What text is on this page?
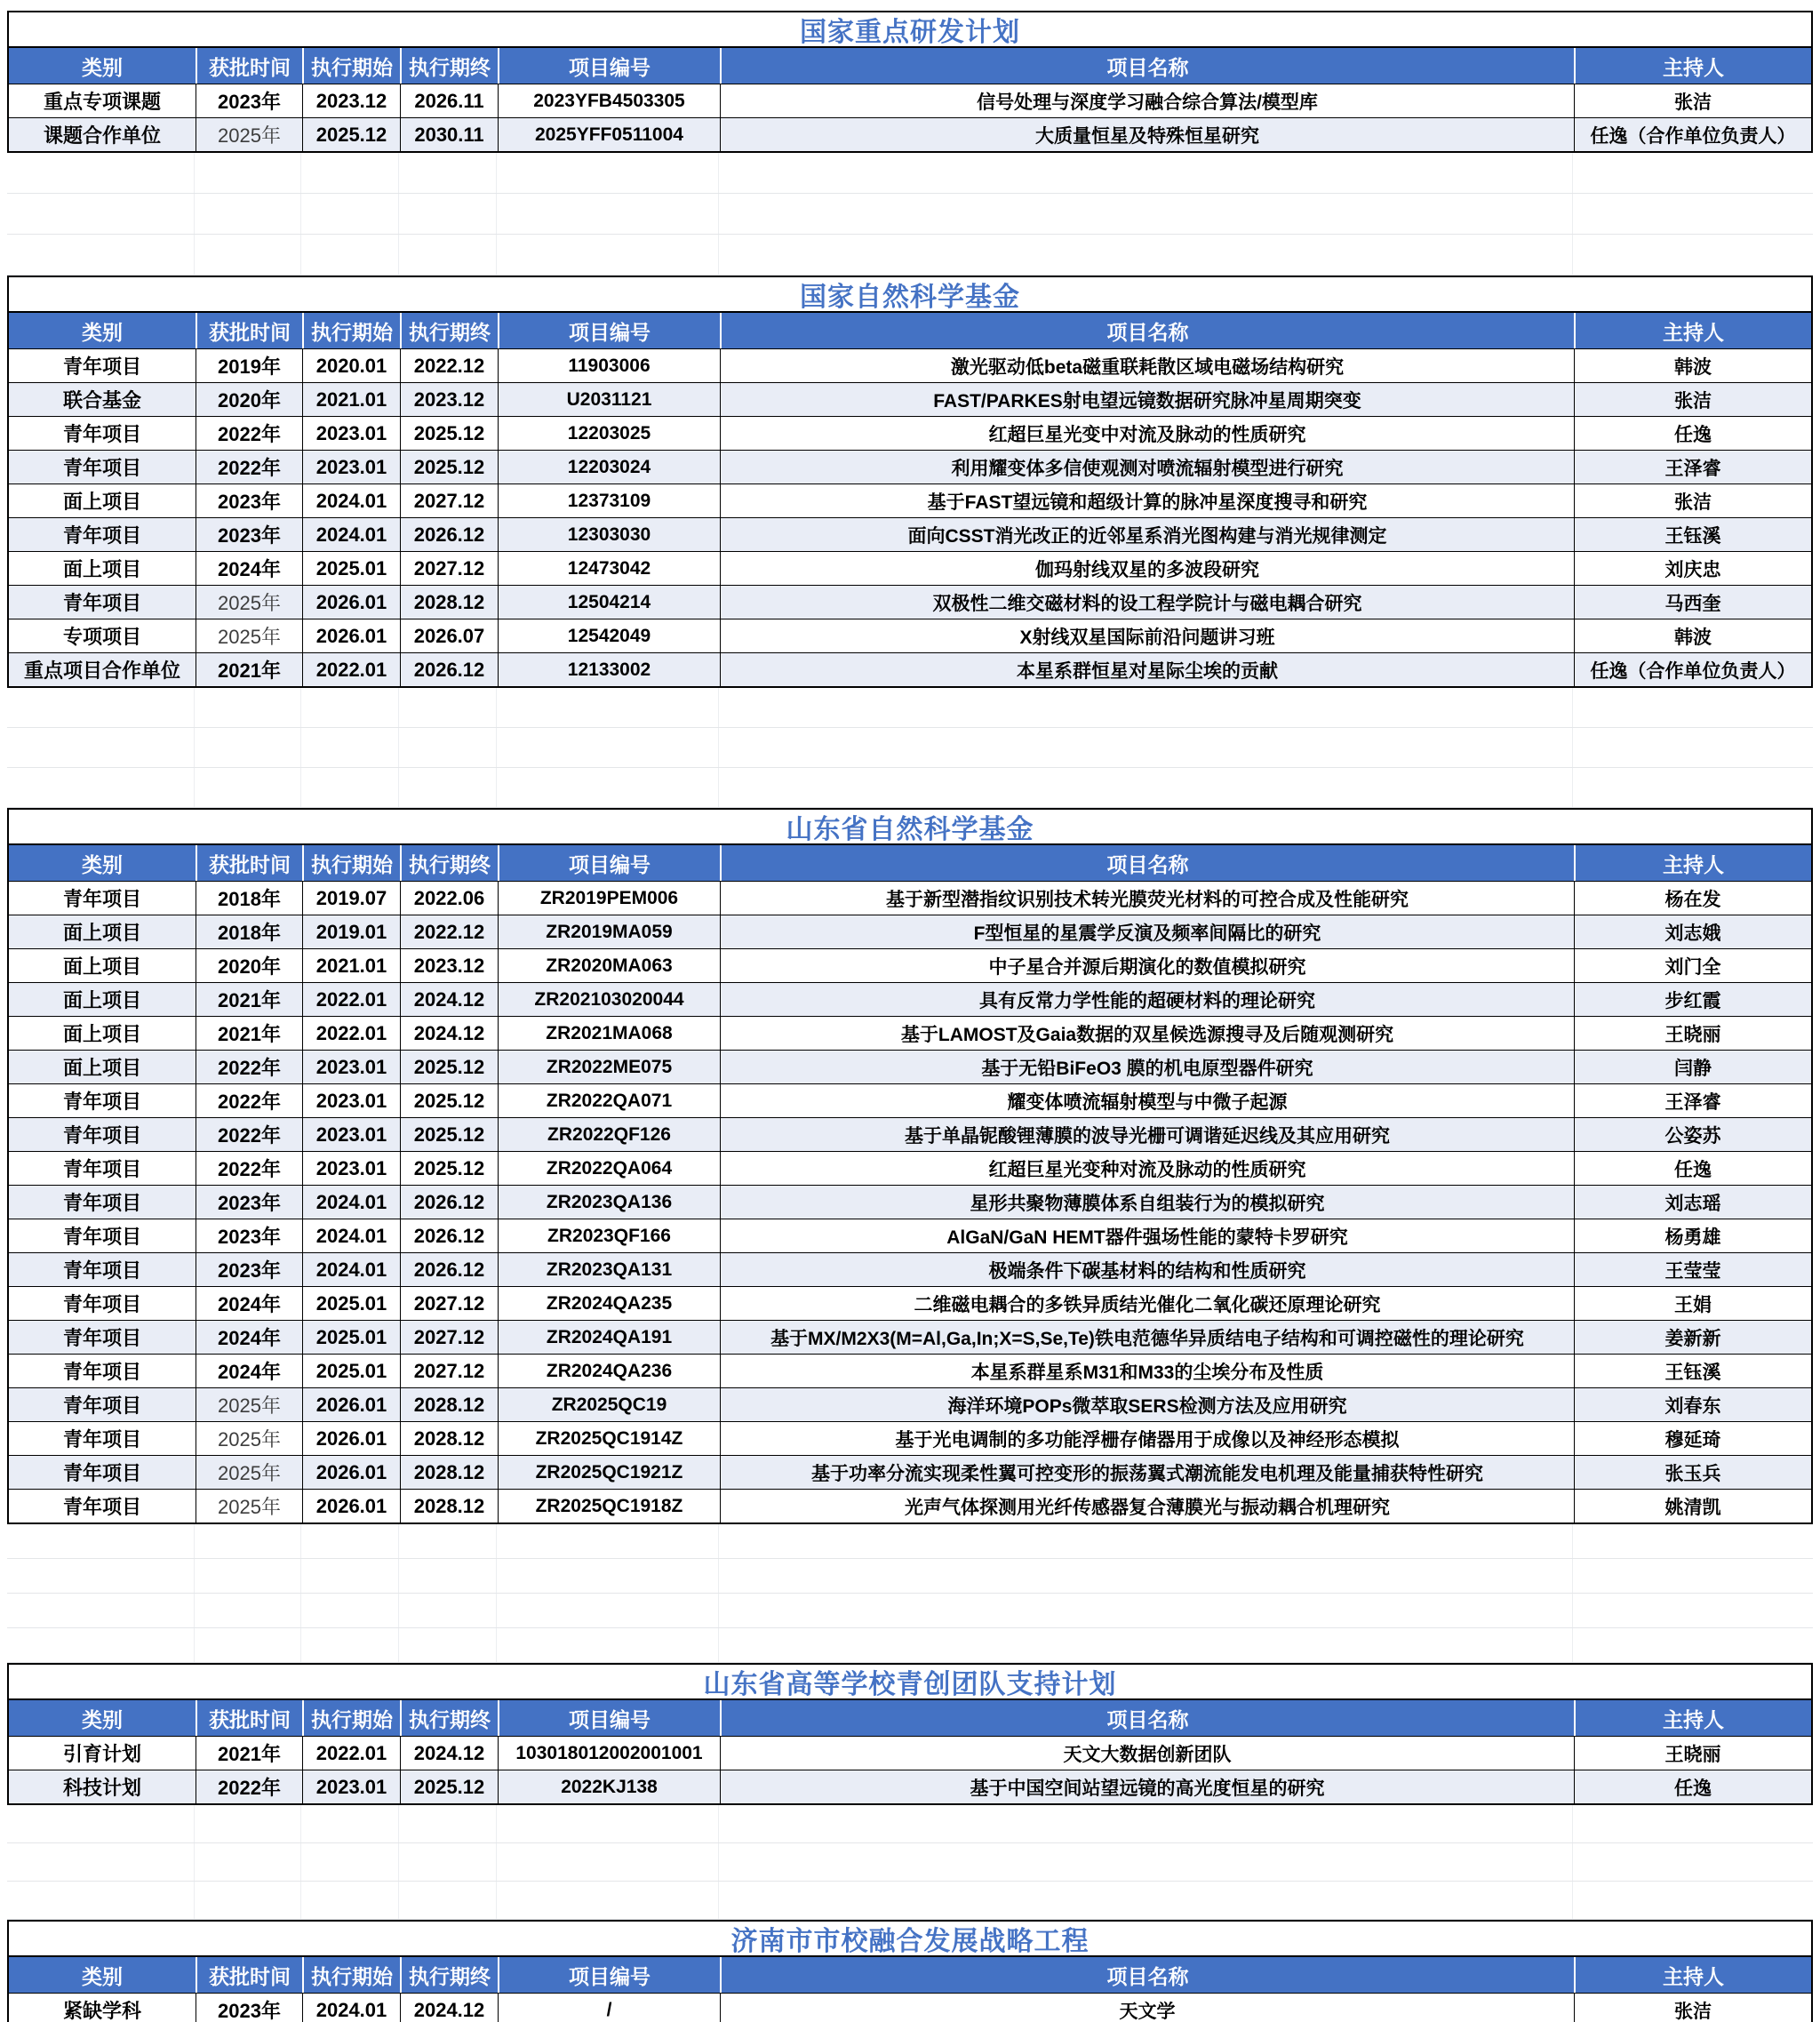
国家重点研发计划
类别	获批时间	执行期始 执行期终	项目编号	项目名称	主持人
重点专项课题	2023年	2023.12	2026.11	2023YFB4503305	信号处理与深度学习融合综合算法/模型库	张洁
课题合作单位	2025年	2025.12	2030.11	2025YFF0511004	大质量恒星及特殊恒星研究	任逸（合作单位负责人）
国家自然科学基金
类别	获批时间	执行期始 执行期终	项目编号	项目名称	主持人
青年项目	2019年	2020.01	2022.12	11903006	激光驱动低beta磁重联耗散区域电磁场结构研究	韩波
联合基金	2020年	2021.01	2023.12	U2031121	FAST/PARKES射电望远镜数据研究脉冲星周期突变	张洁
青年项目	2022年	2023.01	2025.12	12203025	红超巨星光变中对流及脉动的性质研究	任逸
青年项目	2022年	2023.01	2025.12	12203024	利用耀变体多信使观测对喷流辐射模型进行研究	王泽睿
面上项目	2023年	2024.01	2027.12	12373109	基于FAST望远镜和超级计算的脉冲星深度搜寻和研究	张洁
青年项目	2023年	2024.01	2026.12	12303030	面向CSST消光改正的近邻星系消光图构建与消光规律测定	王钰溪
面上项目	2024年	2025.01	2027.12	12473042	伽玛射线双星的多波段研究	刘庆忠
青年项目	2025年	2026.01	2028.12	12504214	双极性二维交磁材料的设工程学院计与磁电耦合研究	马西奎
专项项目	2025年	2026.01	2026.07	12542049	X射线双星国际前沿问题讲习班	韩波
重点项目合作单位	2021年	2022.01	2026.12	12133002	本星系群恒星对星际尘埃的贡献	任逸（合作单位负责人）
山东省自然科学基金
类别	获批时间	执行期始 执行期终	项目编号	项目名称	主持人
青年项目	2018年	2019.07	2022.06	ZR2019PEM006	基于新型潜指纹识别技术转光膜荧光材料的可控合成及性能研究	杨在发
面上项目	2018年	2019.01	2022.12	ZR2019MA059	F型恒星的星震学反演及频率间隔比的研究	刘志娥
面上项目	2020年	2021.01	2023.12	ZR2020MA063	中子星合并源后期演化的数值模拟研究	刘门全
面上项目	2021年	2022.01	2024.12	ZR202103020044	具有反常力学性能的超硬材料的理论研究	步红霞
面上项目	2021年	2022.01	2024.12	ZR2021MA068	基于LAMOST及Gaia数据的双星候选源搜寻及后随观测研究	王晓丽
面上项目	2022年	2023.01	2025.12	ZR2022ME075	基于无铅BiFeO3 膜的机电原型器件研究	闫静
青年项目	2022年	2023.01	2025.12	ZR2022QA071	耀变体喷流辐射模型与中微子起源	王泽睿
青年项目	2022年	2023.01	2025.12	ZR2022QF126	基于单晶铌酸锂薄膜的波导光栅可调谐延迟线及其应用研究	公姿苏
青年项目	2022年	2023.01	2025.12	ZR2022QA064	红超巨星光变种对流及脉动的性质研究	任逸
青年项目	2023年	2024.01	2026.12	ZR2023QA136	星形共聚物薄膜体系自组装行为的模拟研究	刘志瑶
青年项目	2023年	2024.01	2026.12	ZR2023QF166	AlGaN/GaN HEMT器件强场性能的蒙特卡罗研究	杨勇雄
青年项目	2023年	2024.01	2026.12	ZR2023QA131	极端条件下碳基材料的结构和性质研究	王莹莹
青年项目	2024年	2025.01	2027.12	ZR2024QA235	二维磁电耦合的多铁异质结光催化二氧化碳还原理论研究	王娟
青年项目	2024年	2025.01	2027.12	ZR2024QA191	基于MX/M2X3(M=Al,Ga,In;X=S,Se,Te)铁电范德华异质结电子结构和可调控磁性的理论研究	姜新新
青年项目	2024年	2025.01	2027.12	ZR2024QA236	本星系群星系M31和M33的尘埃分布及性质	王钰溪
青年项目	2025年	2026.01	2028.12	ZR2025QC19	海洋环境POPs微萃取SERS检测方法及应用研究	刘春东
青年项目	2025年	2026.01	2028.12	ZR2025QC1914Z	基于光电调制的多功能浮栅存储器用于成像以及神经形态模拟	穆延琦
青年项目	2025年	2026.01	2028.12	ZR2025QC1921Z	基于功率分流实现柔性翼可控变形的振荡翼式潮流能发电机理及能量捕获特性研究	张玉兵
青年项目	2025年	2026.01	2028.12	ZR2025QC1918Z	光声气体探测用光纤传感器复合薄膜光与振动耦合机理研究	姚清凯
山东省高等学校青创团队支持计划
类别	获批时间	执行期始 执行期终	项目编号	项目名称	主持人
引育计划	2021年	2022.01	2024.12	103018012002001001	天文大数据创新团队	王晓丽
科技计划	2022年	2023.01	2025.12	2022KJ138	基于中国空间站望远镜的高光度恒星的研究	任逸
济南市市校融合发展战略工程
类别	获批时间	执行期始 执行期终	项目编号	项目名称	主持人
紧缺学科	2023年	2024.01	2024.12	/	天文学	张洁
